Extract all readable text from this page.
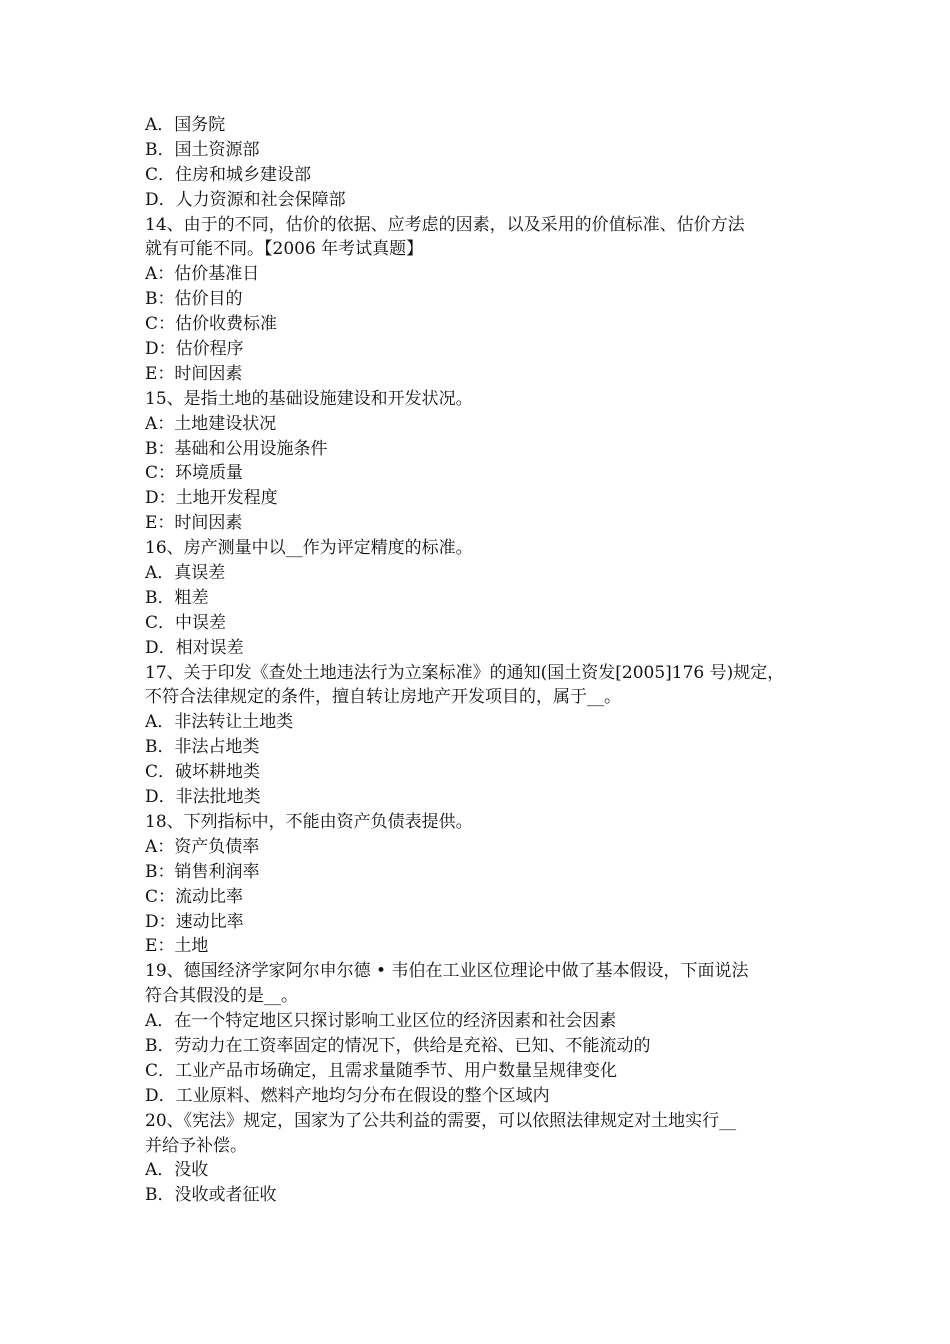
A．国务院
B．国土资源部
C．住房和城乡建设部
D．人力资源和社会保障部
14、由于的不同，估价的依据、应考虑的因素，以及采用的价值标准、估价方法
就有可能不同。【2006 年考试真题】
A：估价基准日
B：估价目的
C：估价收费标准
D：估价程序
E：时间因素
15、是指土地的基础设施建设和开发状况。
A：土地建设状况
B：基础和公用设施条件
C：环境质量
D：土地开发程度
E：时间因素
16、房产测量中以__作为评定精度的标准。
A．真误差
B．粗差
C．中误差
D．相对误差
17、关于印发《查处土地违法行为立案标准》的通知(国土资发[2005]176 号)规定，
不符合法律规定的条件，擅自转让房地产开发项目的，属于__。
A．非法转让土地类
B．非法占地类
C．破坏耕地类
D．非法批地类
18、下列指标中，不能由资产负债表提供。
A：资产负债率
B：销售利润率
C：流动比率
D：速动比率
E：土地
19、德国经济学家阿尔申尔德 • 韦伯在工业区位理论中做了基本假设，下面说法
符合其假没的是__。
A．在一个特定地区只探讨影响工业区位的经济因素和社会因素
B．劳动力在工资率固定的情况下，供给是充裕、已知、不能流动的
C．工业产品市场确定，且需求量随季节、用户数量呈规律变化
D．工业原料、燃料产地均匀分布在假设的整个区域内
20、《宪法》规定，国家为了公共利益的需要，可以依照法律规定对土地实行__
并给予补偿。
A．没收
B．没收或者征收
